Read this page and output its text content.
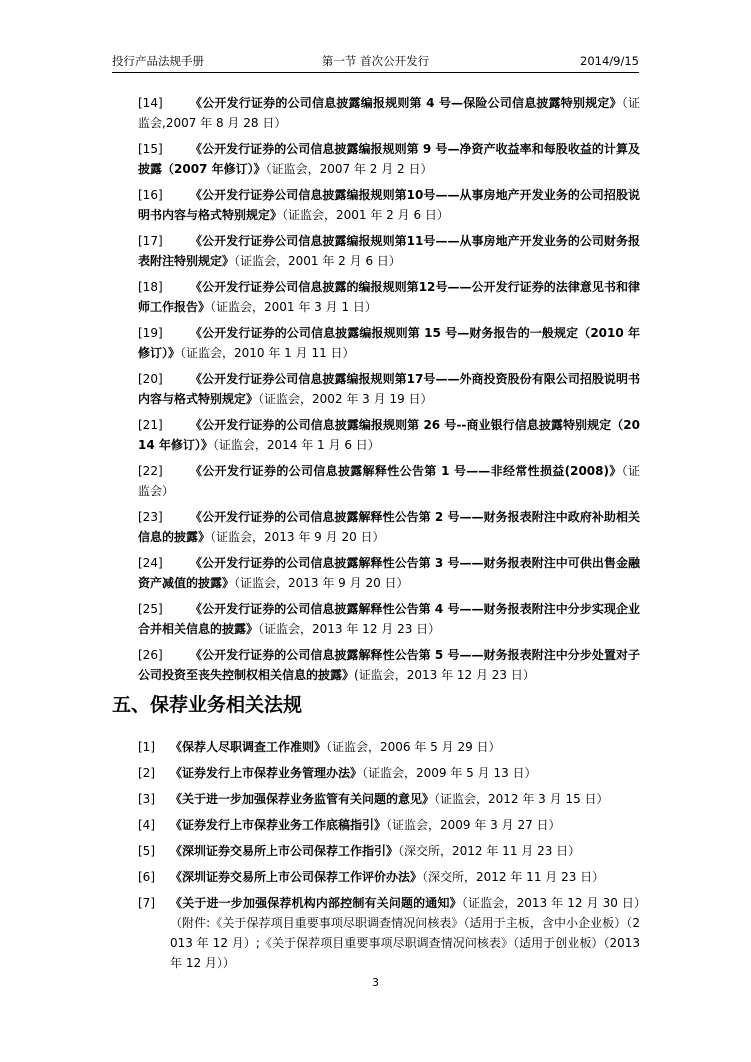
投行产品法规手册	第一节 首次公开发行	2014/9/15
[14]	《公开发行证券的公司信息披露编报规则第 4 号—保险公司信息披露特别规定》（证监会,2007 年 8 月 28 日）
[15]	《公开发行证券的公司信息披露编报规则第 9 号—净资产收益率和每股收益的计算及披露（2007 年修订）》（证监会，2007 年 2 月 2 日）
[16]	《公开发行证券公司信息披露编报规则第10号——从事房地产开发业务的公司招股说明书内容与格式特别规定》（证监会，2001 年 2 月 6 日）
[17]	《公开发行证券公司信息披露编报规则第11号——从事房地产开发业务的公司财务报表附注特别规定》（证监会，2001 年 2 月 6 日）
[18]	《公开发行证券公司信息披露的编报规则第12号——公开发行证券的法律意见书和律师工作报告》（证监会，2001 年 3 月 1 日）
[19]	《公开发行证券的公司信息披露编报规则第 15 号—财务报告的一般规定（2010 年修订）》（证监会，2010 年 1 月 11 日）
[20]	《公开发行证券公司信息披露编报规则第17号——外商投资股份有限公司招股说明书内容与格式特别规定》（证监会，2002 年 3 月 19 日）
[21]	《公开发行证券的公司信息披露编报规则第 26 号--商业银行信息披露特别规定（2014 年修订）》（证监会，2014 年 1 月 6 日）
[22]	《公开发行证券的公司信息披露解释性公告第 1 号——非经常性损益(2008)》（证监会）
[23]	《公开发行证券的公司信息披露解释性公告第 2 号——财务报表附注中政府补助相关信息的披露》（证监会，2013 年 9 月 20 日）
[24]	《公开发行证券的公司信息披露解释性公告第 3 号——财务报表附注中可供出售金融资产减值的披露》（证监会，2013 年 9 月 20 日）
[25]	《公开发行证券的公司信息披露解释性公告第 4 号——财务报表附注中分步实现企业合并相关信息的披露》（证监会，2013 年 12 月 23 日）
[26]	《公开发行证券的公司信息披露解释性公告第 5 号——财务报表附注中分步处置对子公司投资至丧失控制权相关信息的披露》(证监会，2013 年 12 月 23 日）
五、保荐业务相关法规
[1]	《保荐人尽职调查工作准则》（证监会，2006 年 5 月 29 日）
[2]	《证券发行上市保荐业务管理办法》（证监会，2009 年 5 月 13 日）
[3]	《关于进一步加强保荐业务监管有关问题的意见》（证监会，2012 年 3 月 15 日）
[4]	《证券发行上市保荐业务工作底稿指引》（证监会，2009 年 3 月 27 日）
[5]	《深圳证券交易所上市公司保荐工作指引》（深交所，2012 年 11 月 23 日）
[6]	《深圳证券交易所上市公司保荐工作评价办法》（深交所，2012 年 11 月 23 日）
[7]	《关于进一步加强保荐机构内部控制有关问题的通知》（证监会，2013 年 12 月 30 日）（附件:《关于保荐项目重要事项尽职调查情况问核表》（适用于主板，含中小企业板）（2013 年 12 月）;《关于保荐项目重要事项尽职调查情况问核表》（适用于创业板）（2013 年 12 月））
3
